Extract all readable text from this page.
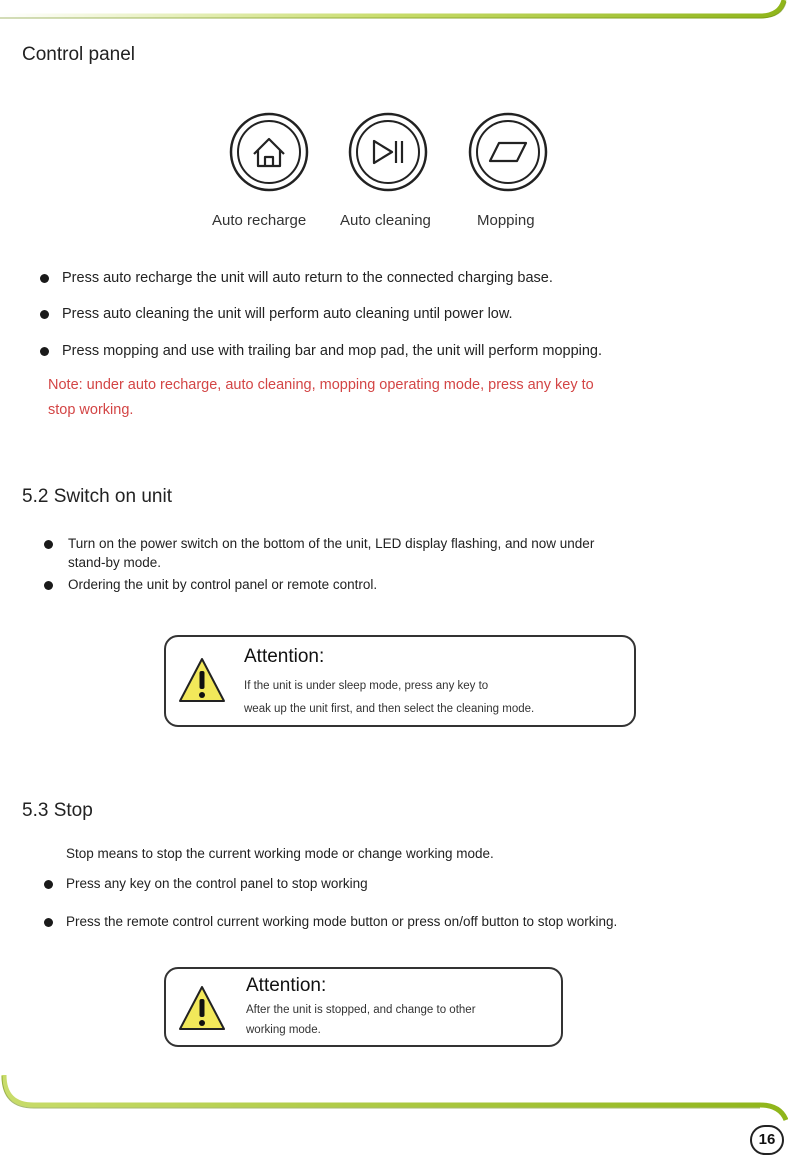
Control panel
Auto recharge Auto cleaning	Mopping
Press auto recharge the unit will auto return to the connected charging base.
Press auto cleaning the unit will perform auto cleaning until power low.
Press mopping and use with trailing bar and mop pad, the unit will perform mopping.
Note: under auto recharge, auto cleaning, mopping operating mode, press any key to
stop working.
5.2 Switch on unit
Turn on the power switch on the bottom of the unit, LED display flashing, and now under
stand-by mode.
Ordering the unit by control panel or remote control.
Attention:
If the unit is under sleep mode, press any key to
weak up the unit first, and then select the cleaning mode.
5.3 Stop
Stop means to stop the current working mode or change working mode.
Press any key on the control panel to stop working
Press the remote control current working mode button or press on/off button to stop working.
Attention:
After the unit is stopped, and change to other
working mode.
16
